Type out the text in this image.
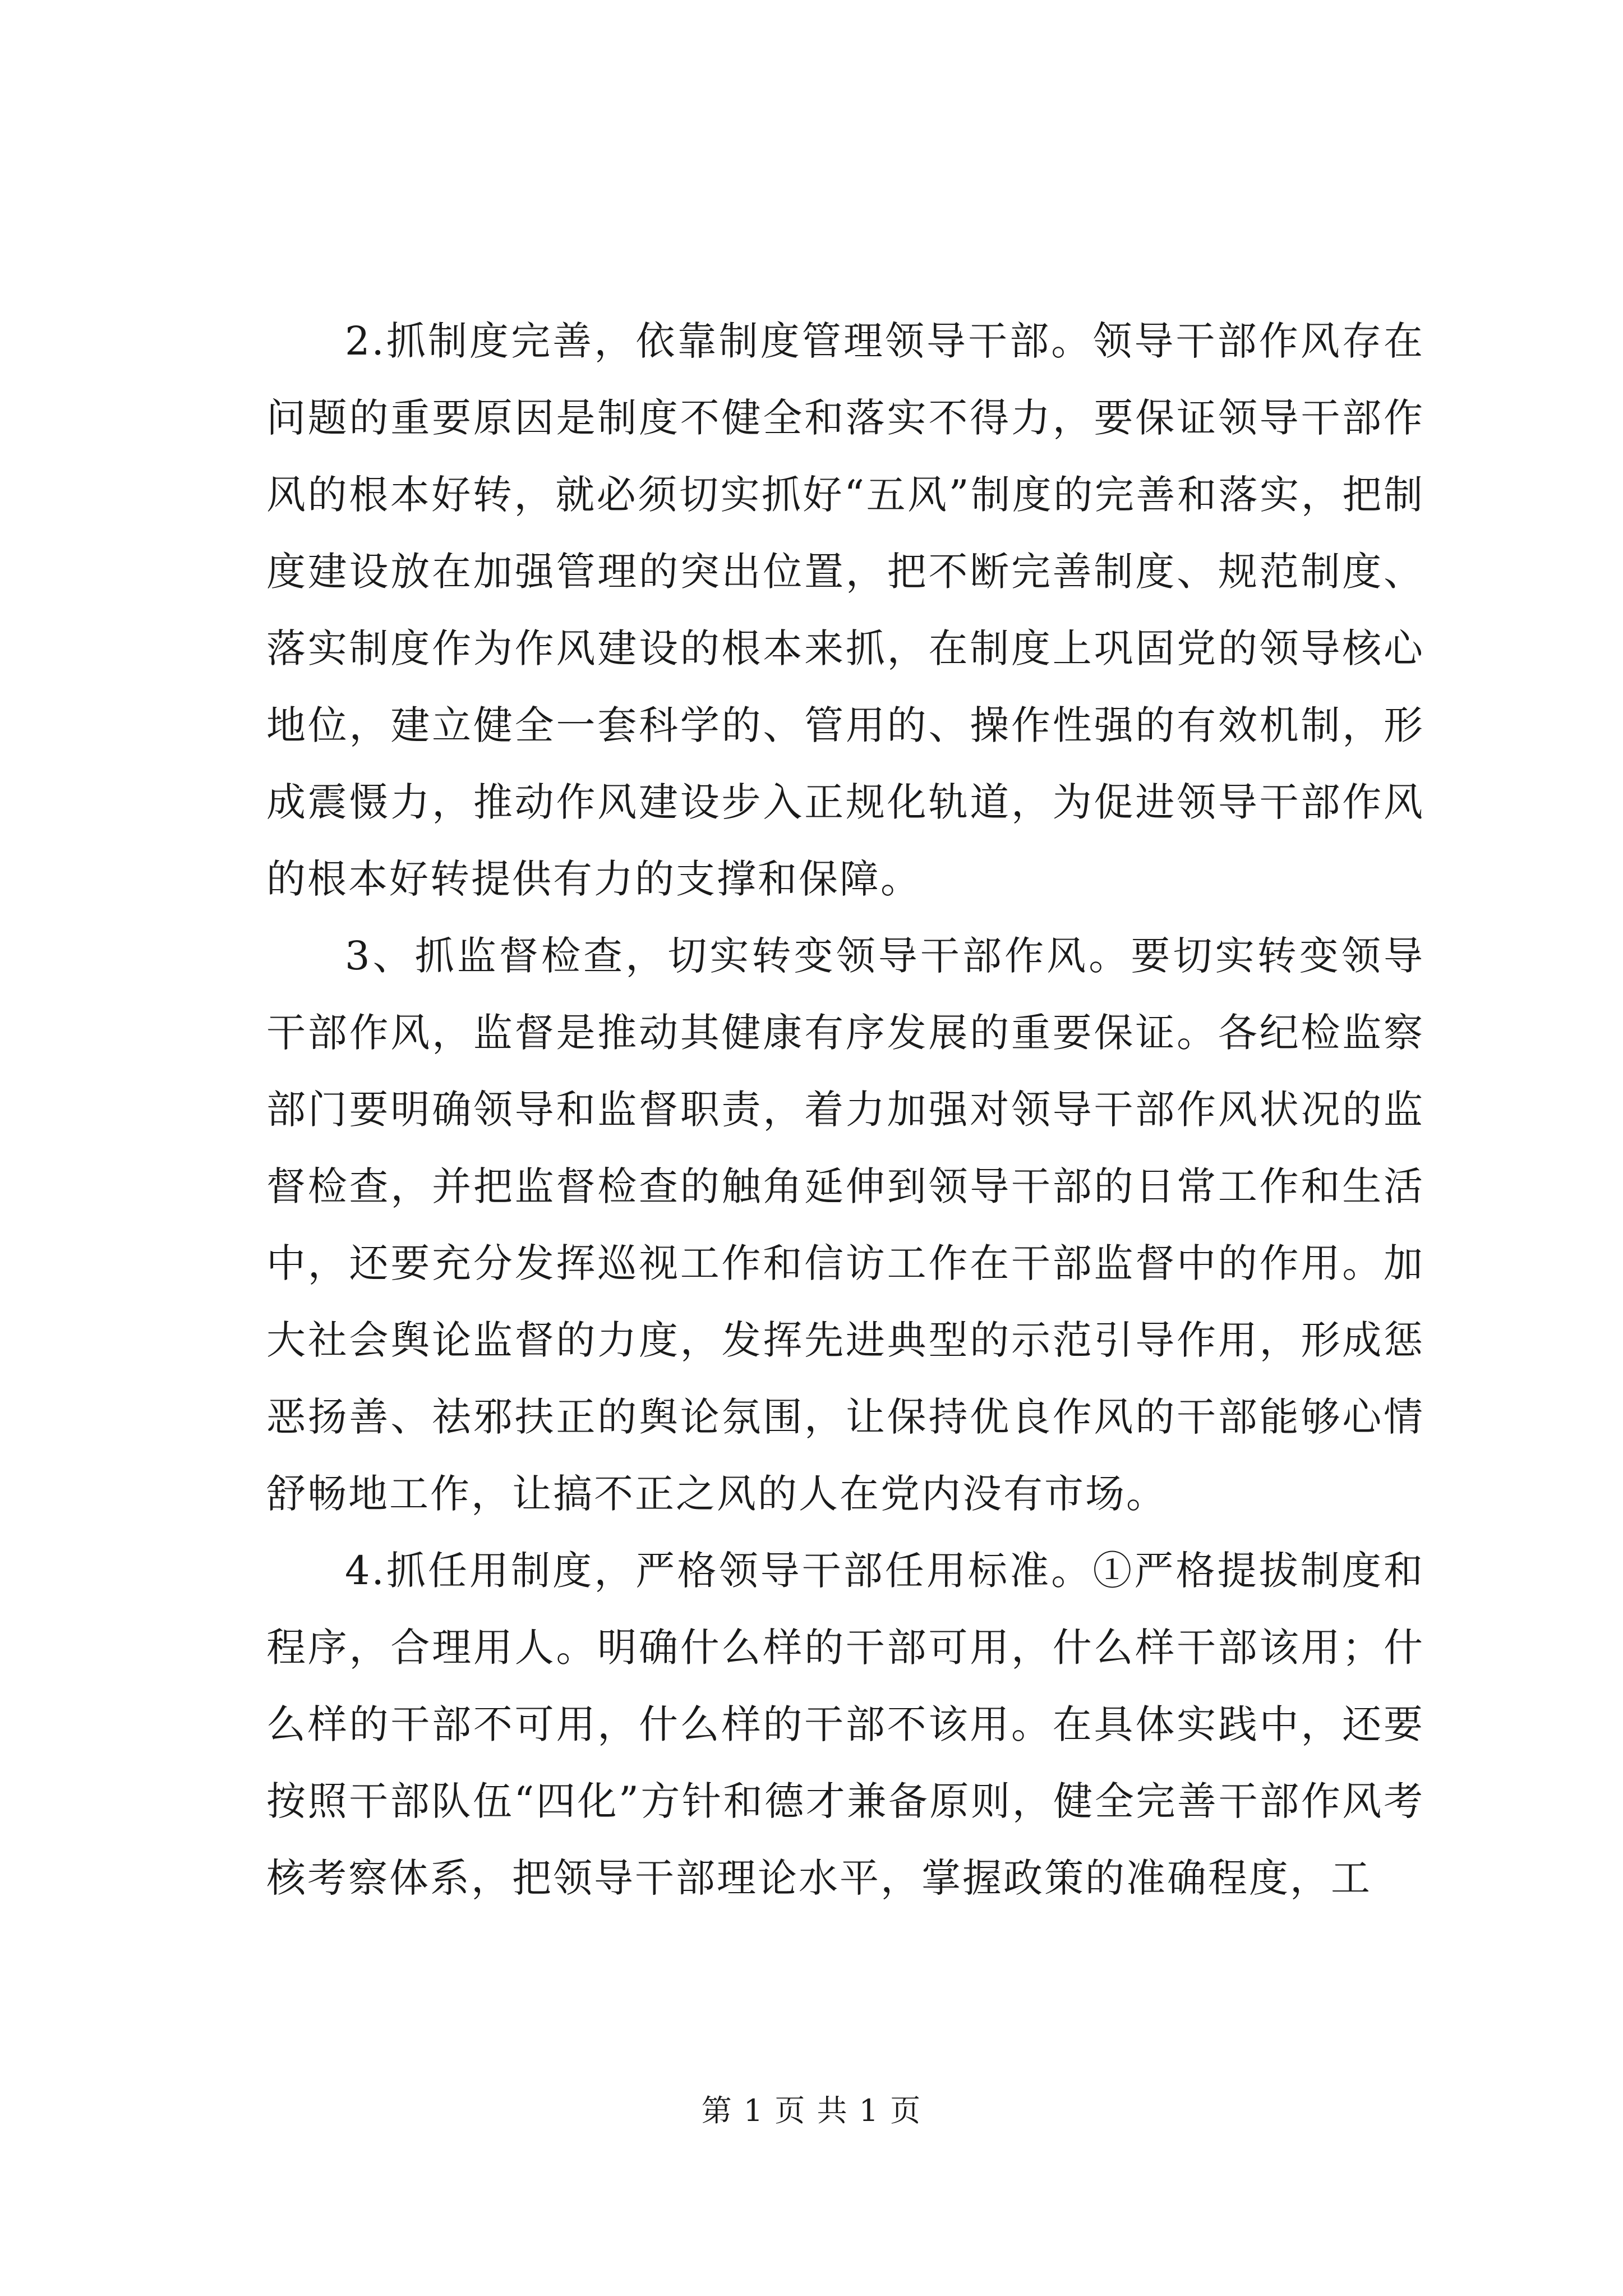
2.抓制度完善，依靠制度管理领导干部。领导干部作风存在问题的重要原因是制度不健全和落实不得力，要保证领导干部作风的根本好转，就必须切实抓好“五风”制度的完善和落实，把制度建设放在加强管理的突出位置，把不断完善制度、规范制度、落实制度作为作风建设的根本来抓，在制度上巩固党的领导核心地位，建立健全一套科学的、管用的、操作性强的有效机制，形成震慑力，推动作风建设步入正规化轨道，为促进领导干部作风的根本好转提供有力的支撑和保障。

3、抓监督检查，切实转变领导干部作风。要切实转变领导干部作风，监督是推动其健康有序发展的重要保证。各纪检监察部门要明确领导和监督职责，着力加强对领导干部作风状况的监督检查，并把监督检查的触角延伸到领导干部的日常工作和生活中，还要充分发挥巡视工作和信访工作在干部监督中的作用。加大社会舆论监督的力度，发挥先进典型的示范引导作用，形成惩恶扬善、祛邪扶正的舆论氛围，让保持优良作风的干部能够心情舒畅地工作，让搞不正之风的人在党内没有市场。

4.抓任用制度，严格领导干部任用标准。①严格提拔制度和程序，合理用人。明确什么样的干部可用，什么样干部该用；什么样的干部不可用，什么样的干部不该用。在具体实践中，还要按照干部队伍“四化”方针和德才兼备原则，健全完善干部作风考核考察体系，把领导干部理论水平，掌握政策的准确程度，工

第 1 页 共 1 页
